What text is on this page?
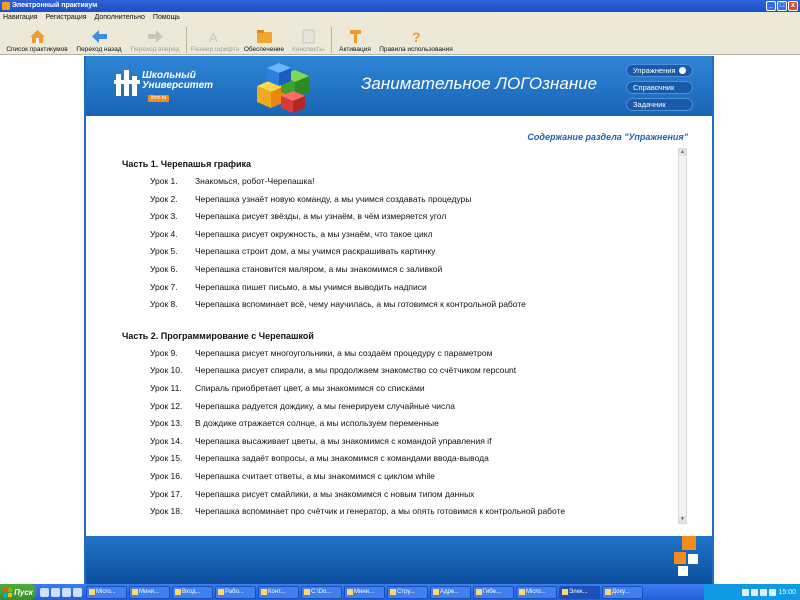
Электронный практикум	_ □ x
Навигация Регистрация Дополнительно Помощь
Список практикумов Переход назад Переход вперед
A
Размер шрифта Обеспечение Конспекты Активация
?
Правила использования
Школьный
Университет
itmo.ru
Занимательное ЛОГОзнание
Упражнения
Справочник
Задачник
Содержание раздела "Упражнения"
Часть 1. Черепашья графика
Урок 1.	Знакомься, робот-Черепашка!
Урок 2.	Черепашка узнаёт новую команду, а мы учимся создавать процедуры
Урок 3.	Черепашка рисует звёзды, а мы узнаём, в чём измеряется угол
Урок 4.	Черепашка рисует окружность, а мы узнаём, что такое цикл
Урок 5.	Черепашка строит дом, а мы учимся раскрашивать картинку
Урок 6.	Черепашка становится маляром, а мы знакомимся с заливкой
Урок 7.	Черепашка пишет письмо, а мы учимся выводить надписи
Урок 8.	Черепашка вспоминает всё, чему научилась, а мы готовимся к контрольной работе
Часть 2. Программирование с Черепашкой
Урок 9.	Черепашка рисует многоугольники, а мы создаём процедуру с параметром
Урок 10.	Черепашка рисует спирали, а мы продолжаем знакомство со счётчиком repcount
Урок 11.	Спираль приобретает цвет, а мы знакомимся со списками
Урок 12.	Черепашка радуется дождику, а мы генерируем случайные числа
Урок 13.	В дождике отражается солнце, а мы используем переменные
Урок 14.	Черепашка высаживает цветы, а мы знакомимся с командой управления if
Урок 15.	Черепашка задаёт вопросы, а мы знакомимся с командами ввода-вывода
Урок 16.	Черепашка считает ответы, а мы знакомимся с циклом while
Урок 17.	Черепашка рисует смайлики, а мы знакомимся с новым типом данных
Урок 18.	Черепашка вспоминает про счётчик и генератор, а мы опять готовимся к контрольной работе
▲
▼
Пуск	Micro...	Мини...	Вход...	Рабо...	Конт...	C:\Do...	Мини...	Стру...	Адре...	Гибе...	Micro...	Элек...	Доку...	15:00
